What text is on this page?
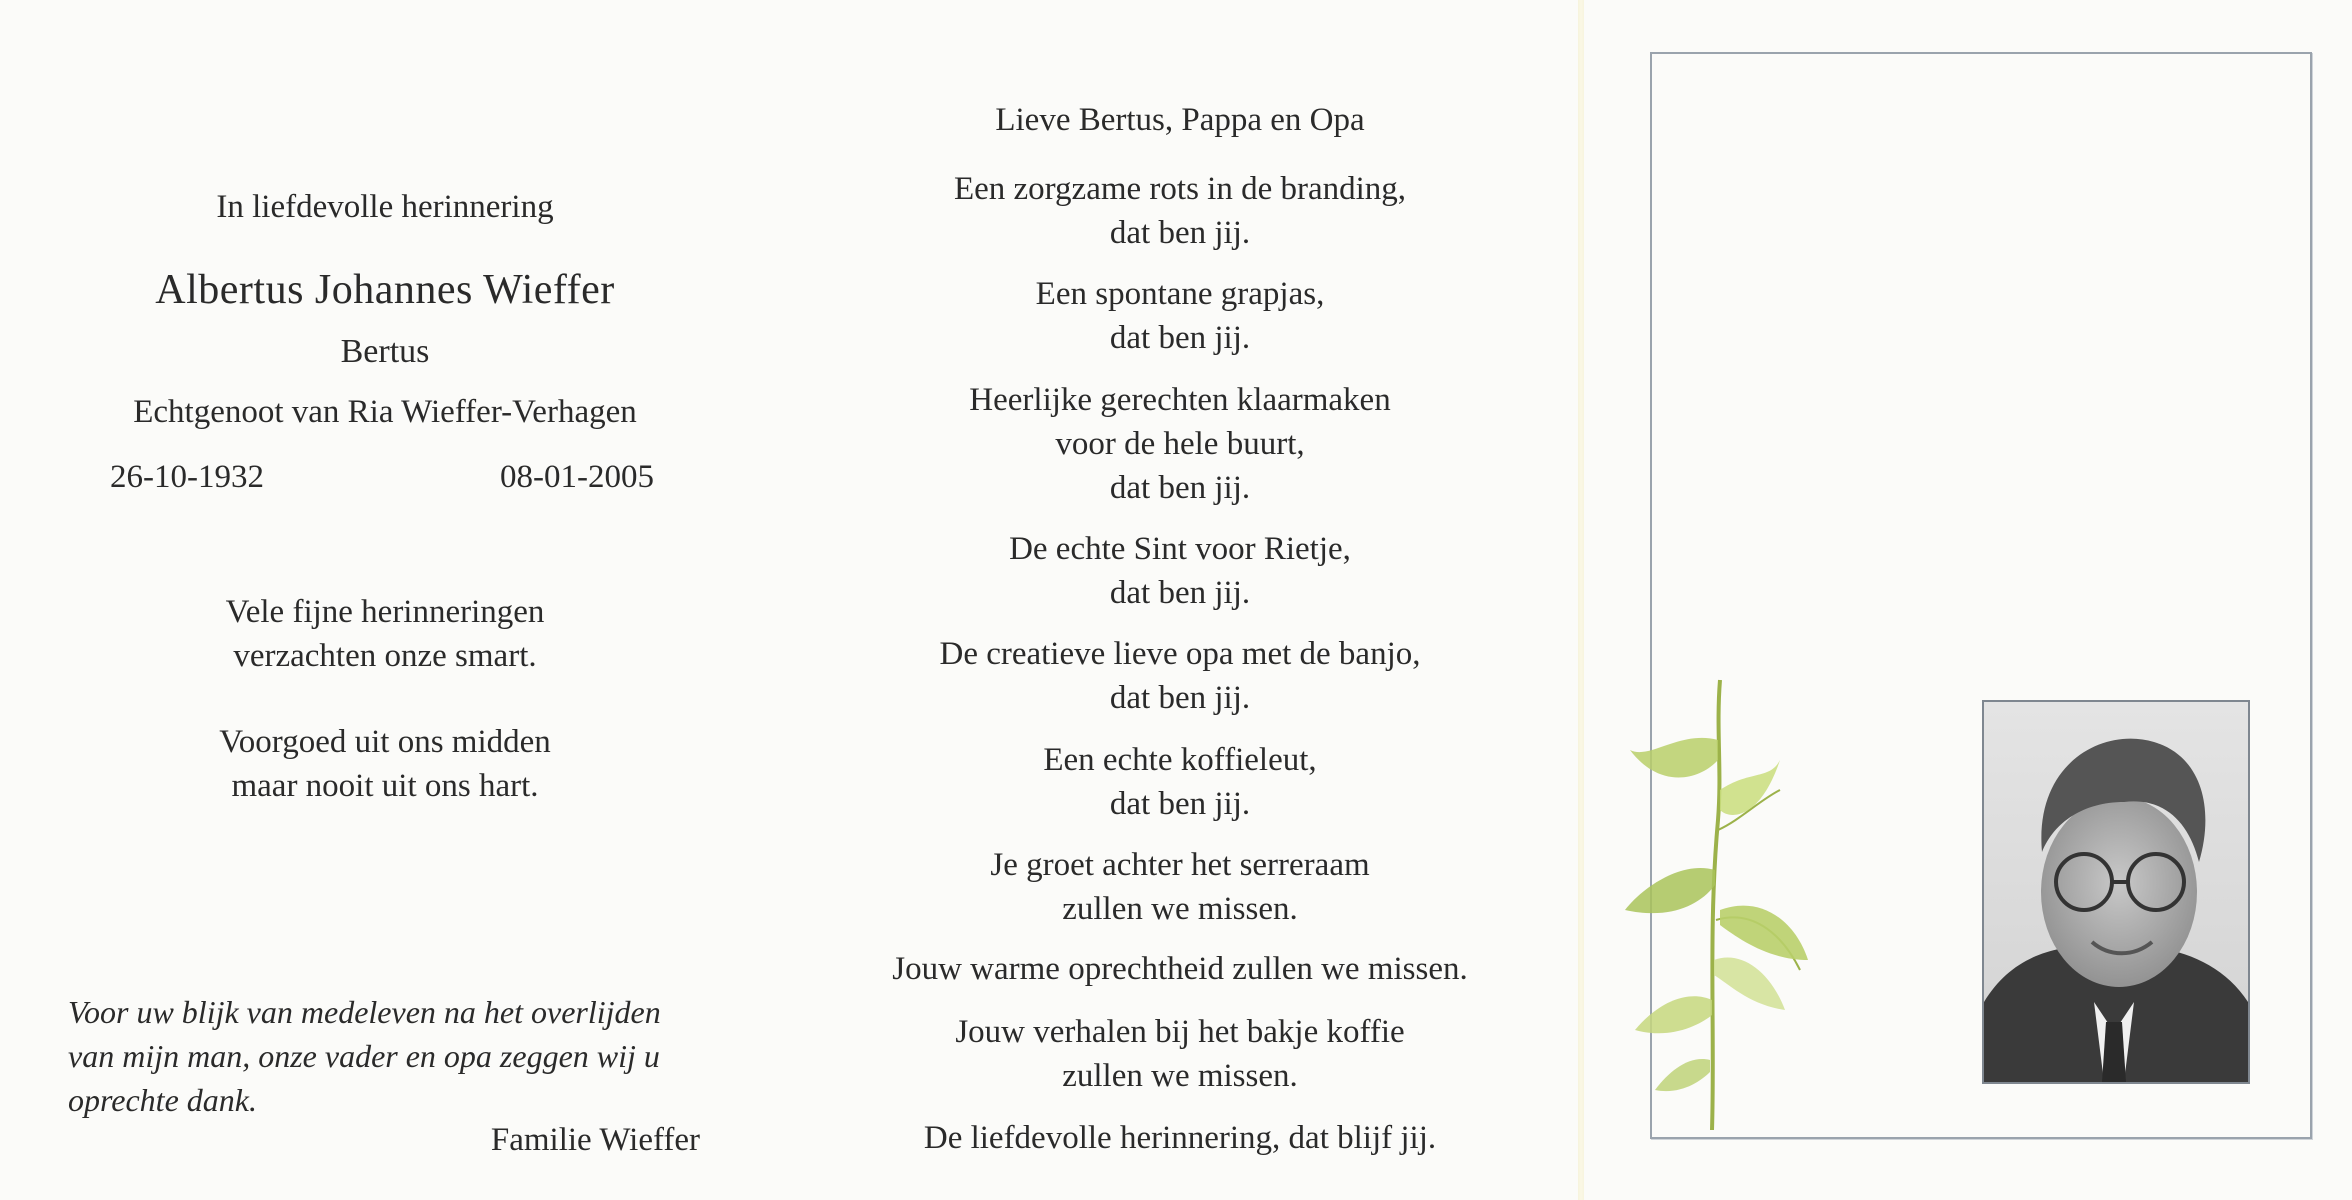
In liefdevolle herinnering
Albertus Johannes Wieffer
Bertus
Echtgenoot van Ria Wieffer-Verhagen
26-10-1932	08-01-2005
Vele fijne herinneringen
verzachten onze smart.
Voorgoed uit ons midden
maar nooit uit ons hart.
Voor uw blijk van medeleven na het overlijden
van mijn man, onze vader en opa zeggen wij u
oprechte dank.
Familie Wieffer
Lieve Bertus, Pappa en Opa
Een zorgzame rots in de branding,
dat ben jij.
Een spontane grapjas,
dat ben jij.
Heerlijke gerechten klaarmaken
voor de hele buurt,
dat ben jij.
De echte Sint voor Rietje,
dat ben jij.
De creatieve lieve opa met de banjo,
dat ben jij.
Een echte koffieleut,
dat ben jij.
Je groet achter het serreraam
zullen we missen.
Jouw warme oprechtheid zullen we missen.
Jouw verhalen bij het bakje koffie
zullen we missen.
De liefdevolle herinnering, dat blijf jij.
